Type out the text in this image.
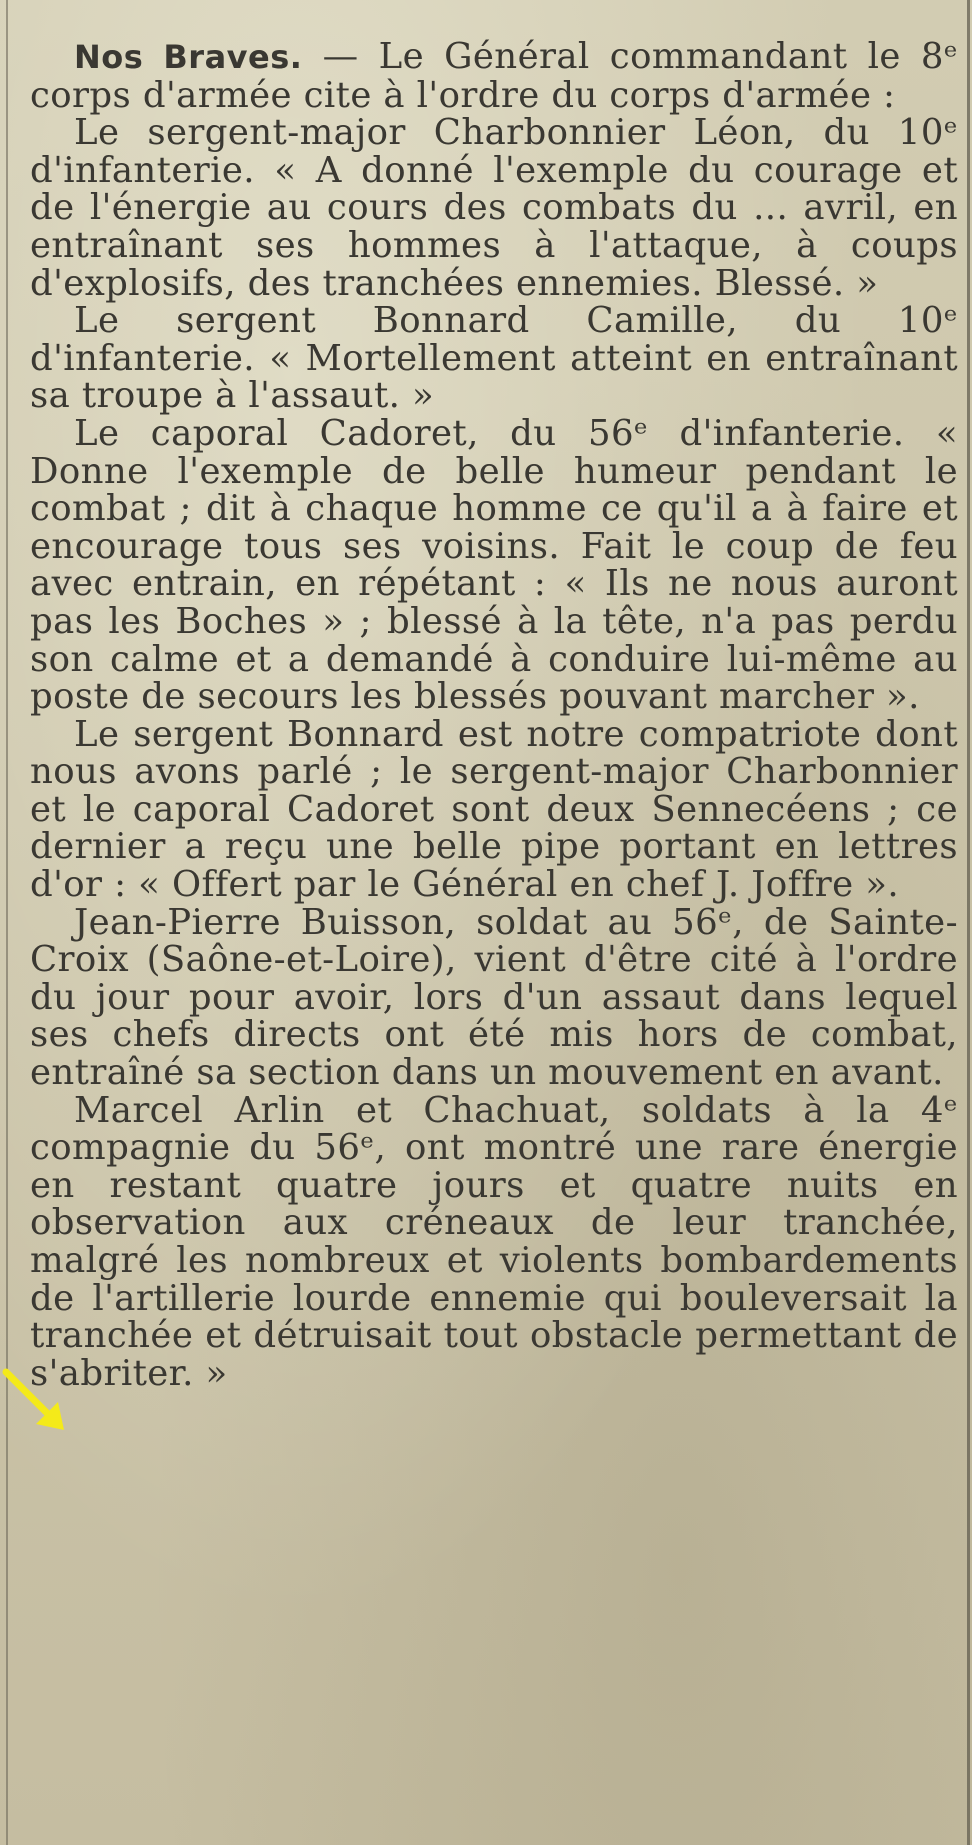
Nos Braves. — Le Général commandant le 8ᵉ corps d'armée cite à l'ordre du corps d'armée :

Le sergent-major Charbonnier Léon, du 10ᵉ d'infanterie. « A donné l'exemple du courage et de l'énergie au cours des combats du ... avril, en entraînant ses hommes à l'attaque, à coups d'explosifs, des tranchées ennemies. Blessé. »

Le sergent Bonnard Camille, du 10ᵉ d'infanterie. « Mortellement atteint en entraînant sa troupe à l'assaut. »

Le caporal Cadoret, du 56ᵉ d'infanterie. « Donne l'exemple de belle humeur pendant le combat ; dit à chaque homme ce qu'il a à faire et encourage tous ses voisins. Fait le coup de feu avec entrain, en répétant : « Ils ne nous auront pas les Boches » ; blessé à la tête, n'a pas perdu son calme et a demandé à conduire lui-même au poste de secours les blessés pouvant marcher ».

Le sergent Bonnard est notre compatriote dont nous avons parlé ; le sergent-major Charbonnier et le caporal Cadoret sont deux Sennecéens ; ce dernier a reçu une belle pipe portant en lettres d'or : « Offert par le Général en chef J. Joffre ».

Jean-Pierre Buisson, soldat au 56ᵉ, de Sainte-Croix (Saône-et-Loire), vient d'être cité à l'ordre du jour pour avoir, lors d'un assaut dans lequel ses chefs directs ont été mis hors de combat, entraîné sa section dans un mouvement en avant.

Marcel Arlin et Chachuat, soldats à la 4ᵉ compagnie du 56ᵉ, ont montré une rare énergie en restant quatre jours et quatre nuits en observation aux créneaux de leur tranchée, malgré les nombreux et violents bombardements de l'artillerie lourde ennemie qui bouleversait la tranchée et détruisait tout obstacle permettant de s'abriter. »
